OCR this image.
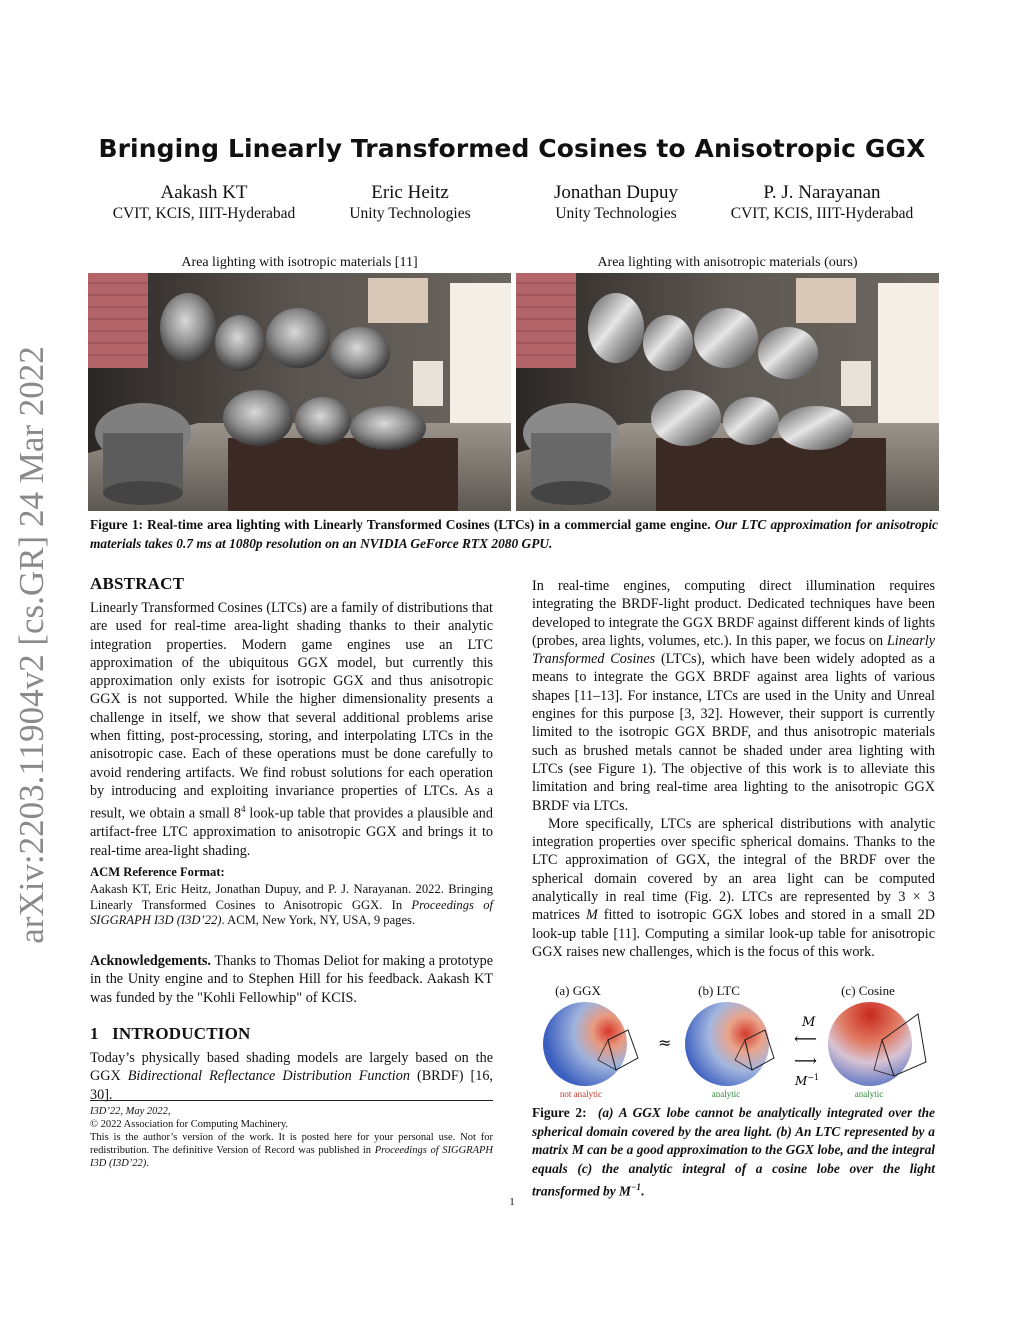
Bringing Linearly Transformed Cosines to Anisotropic GGX
Aakash KT
CVIT, KCIS, IIIT-Hyderabad
Eric Heitz
Unity Technologies
Jonathan Dupuy
Unity Technologies
P. J. Narayanan
CVIT, KCIS, IIIT-Hyderabad
arXiv:2203.11904v2 [cs.GR] 24 Mar 2022
Area lighting with isotropic materials [11]	Area lighting with anisotropic materials (ours)
Figure 1: Real-time area lighting with Linearly Transformed Cosines (LTCs) in a commercial game engine. Our LTC approximation for anisotropic materials takes 0.7 ms at 1080p resolution on an NVIDIA GeForce RTX 2080 GPU.
ABSTRACT
Linearly Transformed Cosines (LTCs) are a family of distributions that are used for real-time area-light shading thanks to their analytic integration properties. Modern game engines use an LTC approximation of the ubiquitous GGX model, but currently this approximation only exists for isotropic GGX and thus anisotropic GGX is not supported. While the higher dimensionality presents a challenge in itself, we show that several additional problems arise when fitting, post-processing, storing, and interpolating LTCs in the anisotropic case. Each of these operations must be done carefully to avoid rendering artifacts. We find robust solutions for each operation by introducing and exploiting invariance properties of LTCs. As a result, we obtain a small $8^4$ look-up table that provides a plausible and artifact-free LTC approximation to anisotropic GGX and brings it to real-time area-light shading.
ACM Reference Format:
Aakash KT, Eric Heitz, Jonathan Dupuy, and P. J. Narayanan. 2022. Bringing Linearly Transformed Cosines to Anisotropic GGX. In Proceedings of SIGGRAPH I3D (I3D’22). ACM, New York, NY, USA, 9 pages.
Acknowledgements. Thanks to Thomas Deliot for making a prototype in the Unity engine and to Stephen Hill for his feedback. Aakash KT was funded by the "Kohli Fellowhip" of KCIS.
1 INTRODUCTION
Today’s physically based shading models are largely based on the GGX Bidirectional Reflectance Distribution Function (BRDF) [16, 30].
I3D’22, May 2022,
© 2022 Association for Computing Machinery.
This is the author’s version of the work. It is posted here for your personal use. Not for redistribution. The definitive Version of Record was published in Proceedings of SIGGRAPH I3D (I3D’22).

In real-time engines, computing direct illumination requires integrating the BRDF-light product. Dedicated techniques have been developed to integrate the GGX BRDF against different kinds of lights (probes, area lights, volumes, etc.). In this paper, we focus on Linearly Transformed Cosines (LTCs), which have been widely adopted as a means to integrate the GGX BRDF against area lights of various shapes [11–13]. For instance, LTCs are used in the Unity and Unreal engines for this purpose [3, 32]. However, their support is currently limited to the isotropic GGX BRDF, and thus anisotropic materials such as brushed metals cannot be shaded under area lighting with LTCs (see Figure 1). The objective of this work is to alleviate this limitation and bring real-time area lighting to the anisotropic GGX BRDF via LTCs.

More specifically, LTCs are spherical distributions with analytic integration properties over specific spherical domains. Thanks to the LTC approximation of GGX, the integral of the BRDF over the spherical domain covered by an area light can be computed analytically in real time (Fig. 2). LTCs are represented by 3 × 3 matrices M fitted to isotropic GGX lobes and stored in a small 2D look-up table [11]. Computing a similar look-up table for anisotropic GGX raises new challenges, which is the focus of this work.

(a) GGX	(b) LTC	(c) Cosine
≈
M
⟵
⟶
$M^{-1}$
not analytic	analytic	analytic
Figure 2: (a) A GGX lobe cannot be analytically integrated over the spherical domain covered by the area light. (b) An LTC represented by a matrix M can be a good approximation to the GGX lobe, and the integral equals (c) the analytic integral of a cosine lobe over the light transformed by $M^{-1}$.
1
